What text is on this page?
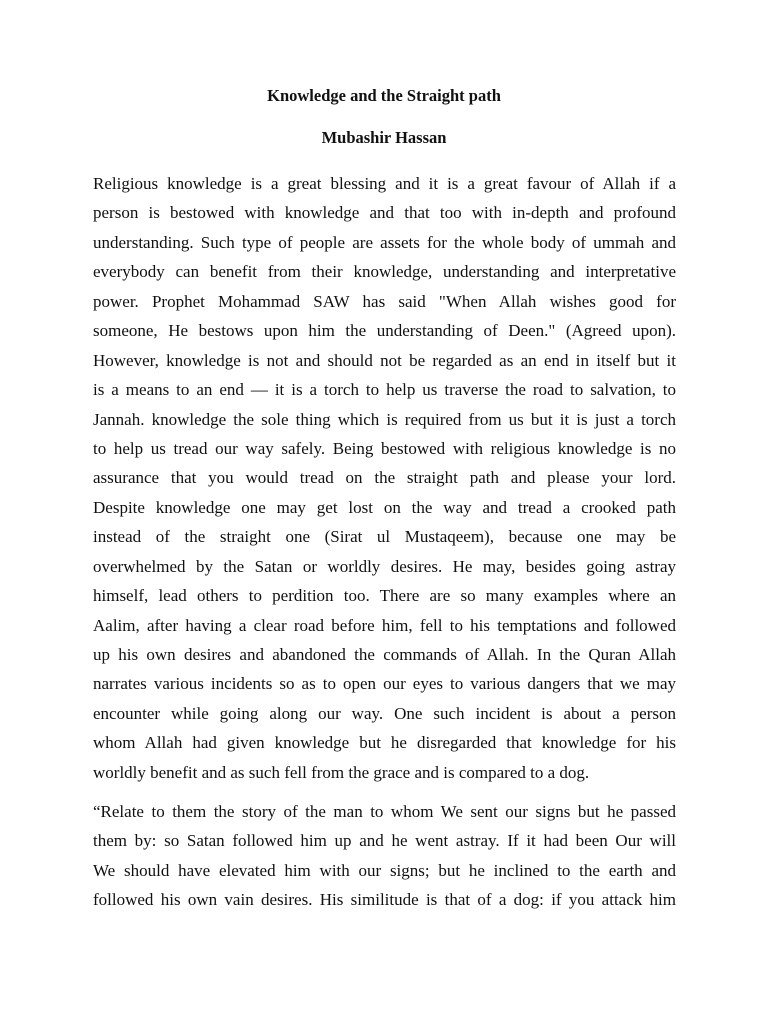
Knowledge and the Straight path
Mubashir Hassan
Religious knowledge is a great blessing and it is a great favour of Allah if a
person is bestowed with knowledge and that too with in-depth and profound
understanding. Such type of people are assets for the whole body of ummah and
everybody can benefit from their knowledge, understanding and interpretative
power. Prophet Mohammad SAW has said "When Allah wishes good for
someone, He bestows upon him the understanding of Deen." (Agreed upon).
However, knowledge is not and should not be regarded as an end in itself but it
is a means to an end — it is a torch to help us traverse the road to salvation, to
Jannah. knowledge the sole thing which is required from us but it is just a torch
to help us tread our way safely. Being bestowed with religious knowledge is no
assurance that you would tread on the straight path and please your lord.
Despite knowledge one may get lost on the way and tread a crooked path
instead of the straight one (Sirat ul Mustaqeem), because one may be
overwhelmed by the Satan or worldly desires. He may, besides going astray
himself, lead others to perdition too. There are so many examples where an
Aalim, after having a clear road before him, fell to his temptations and followed
up his own desires and abandoned the commands of Allah. In the Quran Allah
narrates various incidents so as to open our eyes to various dangers that we may
encounter while going along our way. One such incident is about a person
whom Allah had given knowledge but he disregarded that knowledge for his
worldly benefit and as such fell from the grace and is compared to a dog.
“Relate to them the story of the man to whom We sent our signs but he passed
them by: so Satan followed him up and he went astray. If it had been Our will
We should have elevated him with our signs; but he inclined to the earth and
followed his own vain desires. His similitude is that of a dog: if you attack him
